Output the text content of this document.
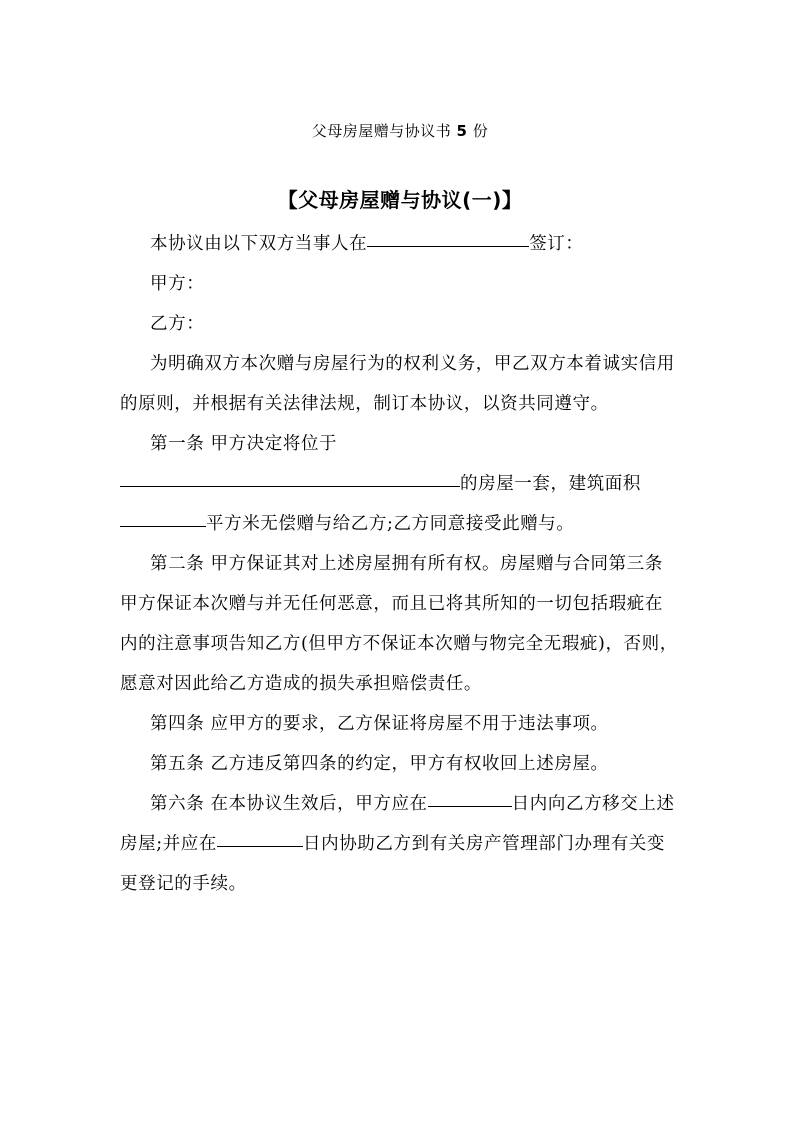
父母房屋赠与协议书 5 份
【父母房屋赠与协议(一)】

本协议由以下双方当事人在	签订：

甲方：

乙方：

为明确双方本次赠与房屋行为的权利义务，甲乙双方本着诚实信用的原则，并根据有关法律法规，制订本协议，以资共同遵守。

第一条 甲方决定将位于
的房屋一套，建筑面积
平方米无偿赠与给乙方;乙方同意接受此赠与。

第二条 甲方保证其对上述房屋拥有所有权。房屋赠与合同第三条 甲方保证本次赠与并无任何恶意，而且已将其所知的一切包括瑕疵在内的注意事项告知乙方(但甲方不保证本次赠与物完全无瑕疵)，否则，愿意对因此给乙方造成的损失承担赔偿责任。

第四条 应甲方的要求，乙方保证将房屋不用于违法事项。

第五条 乙方违反第四条的约定，甲方有权收回上述房屋。

第六条 在本协议生效后，甲方应在	日内向乙方移交上述房屋;并应在	日内协助乙方到有关房产管理部门办理有关变更登记的手续。
